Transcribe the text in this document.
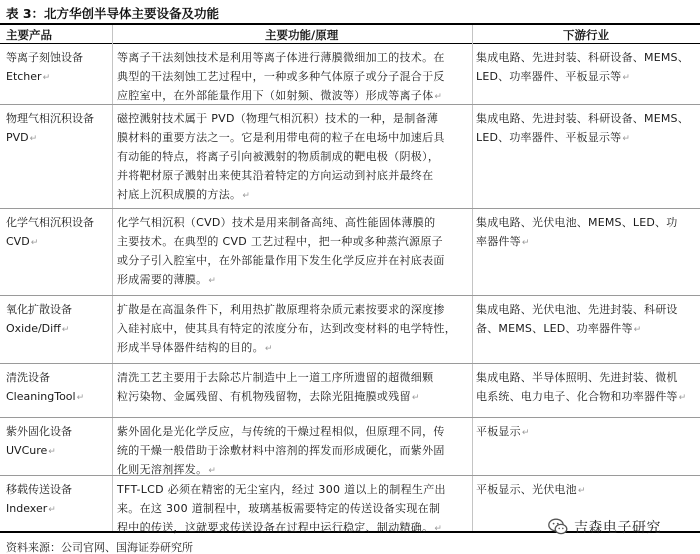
表 3：北方华创半导体主要设备及功能
主要产品	主要功能/原理	下游行业
等离子刻蚀设备
Etcher↵
等离子干法刻蚀技术是利用等离子体进行薄膜微细加工的技术。在
典型的干法刻蚀工艺过程中，一种或多种气体原子或分子混合于反
应腔室中，在外部能量作用下（如射频、微波等）形成等离子体↵
集成电路、先进封装、科研设备、MEMS、
LED、功率器件、平板显示等↵
物理气相沉积设备
PVD↵
磁控溅射技术属于 PVD（物理气相沉积）技术的一种，是制备薄
膜材料的重要方法之一。它是利用带电荷的粒子在电场中加速后具
有动能的特点，将离子引向被溅射的物质制成的靶电极（阴极），
并将靶材原子溅射出来使其沿着特定的方向运动到衬底并最终在
衬底上沉积成膜的方法。↵
集成电路、先进封装、科研设备、MEMS、
LED、功率器件、平板显示等↵
化学气相沉积设备
CVD↵
化学气相沉积（CVD）技术是用来制备高纯、高性能固体薄膜的
主要技术。在典型的 CVD 工艺过程中，把一种或多种蒸汽源原子
或分子引入腔室中，在外部能量作用下发生化学反应并在衬底表面
形成需要的薄膜。↵
集成电路、光伏电池、MEMS、LED、功
率器件等↵
氧化扩散设备
Oxide/Diff↵
扩散是在高温条件下，利用热扩散原理将杂质元素按要求的深度掺
入硅衬底中，使其具有特定的浓度分布，达到改变材料的电学特性，
形成半导体器件结构的目的。↵
集成电路、光伏电池、先进封装、科研设
备、MEMS、LED、功率器件等↵
清洗设备
CleaningTool↵
清洗工艺主要用于去除芯片制造中上一道工序所遗留的超微细颗
粒污染物、金属残留、有机物残留物，去除光阻掩膜或残留↵
集成电路、半导体照明、先进封装、微机
电系统、电力电子、化合物和功率器件等↵
紫外固化设备
UVCure↵
紫外固化是光化学反应，与传统的干燥过程相似，但原理不同，传
统的干燥一般借助于涂敷材料中溶剂的挥发而形成硬化，而紫外固
化则无溶剂挥发。↵
平板显示↵
移载传送设备
Indexer↵
TFT-LCD 必须在精密的无尘室内，经过 300 道以上的制程生产出
来。在这 300 道制程中，玻璃基板需要特定的传送设备实现在制
程中的传送，这就要求传送设备在过程中运行稳定、制动精确。↵
平板显示、光伏电池↵
资料来源：公司官网、国海证券研究所
吉森电子研究
